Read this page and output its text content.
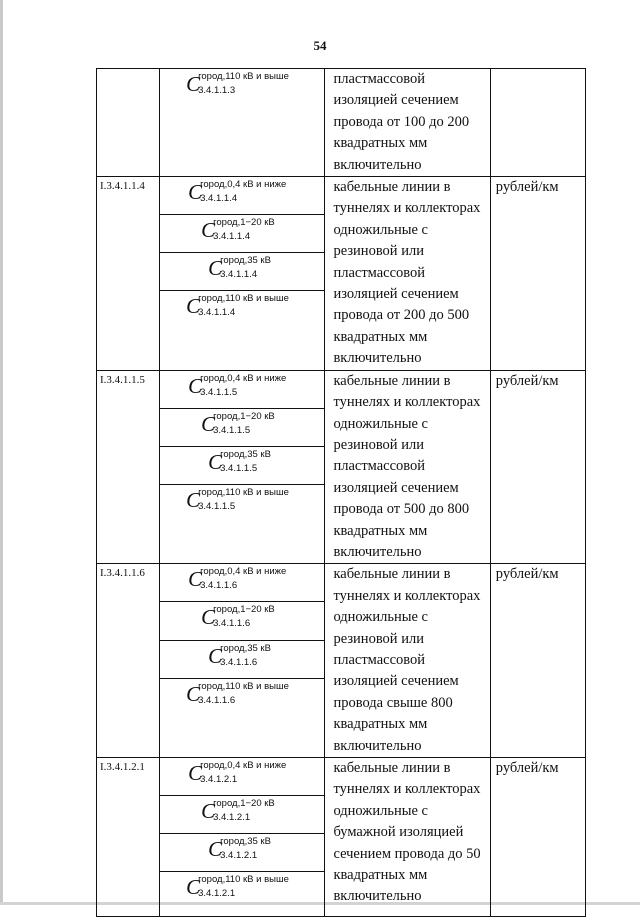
54

	C
город,110 кВ и выше
3.4.1.1.3	пластмассовой изоляцией сечением провода от 100 до 200 квадратных мм включительно	
I.3.4.1.1.4	C
город,0,4 кВ и ниже
3.4.1.1.4	кабельные линии в туннелях и коллекторах одножильные с резиновой или пластмассовой изоляцией сечением провода от 200 до 500 квадратных мм включительно	рублей/км

	C
город,1−20 кВ
3.4.1.1.4		

	C
город,35 кВ
3.4.1.1.4		

	C
город,110 кВ и выше
3.4.1.1.4		

I.3.4.1.1.5	C
город,0,4 кВ и ниже
3.4.1.1.5	кабельные линии в туннелях и коллекторах одножильные с резиновой или пластмассовой изоляцией сечением провода от 500 до 800 квадратных мм включительно	рублей/км

	C
город,1−20 кВ
3.4.1.1.5		

	C
город,35 кВ
3.4.1.1.5		

	C
город,110 кВ и выше
3.4.1.1.5		

I.3.4.1.1.6	C
город,0,4 кВ и ниже
3.4.1.1.6	кабельные линии в туннелях и коллекторах одножильные с резиновой или пластмассовой изоляцией сечением провода свыше 800 квадратных мм включительно	рублей/км

	C
город,1−20 кВ
3.4.1.1.6		

	C
город,35 кВ
3.4.1.1.6		

	C
город,110 кВ и выше
3.4.1.1.6		

I.3.4.1.2.1	C
город,0,4 кВ и ниже
3.4.1.2.1	кабельные линии в туннелях и коллекторах одножильные с бумажной изоляцией сечением провода до 50 квадратных мм включительно	рублей/км

	C
город,1−20 кВ
3.4.1.2.1		

	C
город,35 кВ
3.4.1.2.1		

	C
город,110 кВ и выше
3.4.1.2.1		
